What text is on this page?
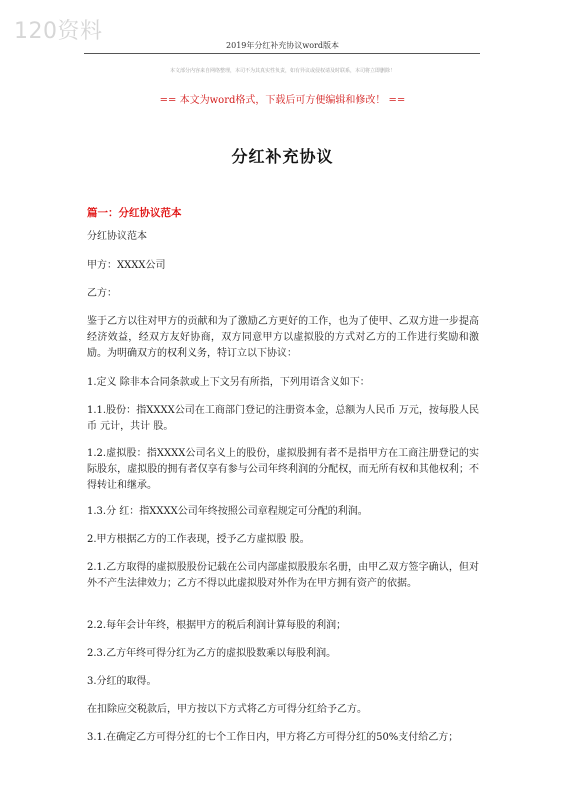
120资料
2019年分红补充协议word版本
本文部分内容来自网络整理，本司不为其真实性负责，如有异议或侵权请及时联系，本司将立即删除！
== 本文为word格式，下载后可方便编辑和修改！ ==
分红补充协议
篇一：分红协议范本
分红协议范本
甲方：XXXX公司
乙方：
鉴于乙方以往对甲方的贡献和为了激励乙方更好的工作，也为了使甲、乙双方进一步提高经济效益，经双方友好协商，双方同意甲方以虚拟股的方式对乙方的工作进行奖励和激励。为明确双方的权利义务，特订立以下协议：
1.定义 除非本合同条款或上下文另有所指，下列用语含义如下：
1.1.股份：指XXXX公司在工商部门登记的注册资本金，总额为人民币 万元，按每股人民币 元计，共计 股。
1.2.虚拟股：指XXXX公司名义上的股份，虚拟股拥有者不是指甲方在工商注册登记的实际股东，虚拟股的拥有者仅享有参与公司年终利润的分配权，而无所有权和其他权利；不得转让和继承。
1.3.分 红：指XXXX公司年终按照公司章程规定可分配的利润。
2.甲方根据乙方的工作表现，授予乙方虚拟股 股。
2.1.乙方取得的虚拟股股份记载在公司内部虚拟股股东名册，由甲乙双方签字确认，但对外不产生法律效力；乙方不得以此虚拟股对外作为在甲方拥有资产的依据。
2.2.每年会计年终，根据甲方的税后利润计算每股的利润；
2.3.乙方年终可得分红为乙方的虚拟股数乘以每股利润。
3.分红的取得。
在扣除应交税款后，甲方按以下方式将乙方可得分红给予乙方。
3.1.在确定乙方可得分红的七个工作日内，甲方将乙方可得分红的50%支付给乙方；
